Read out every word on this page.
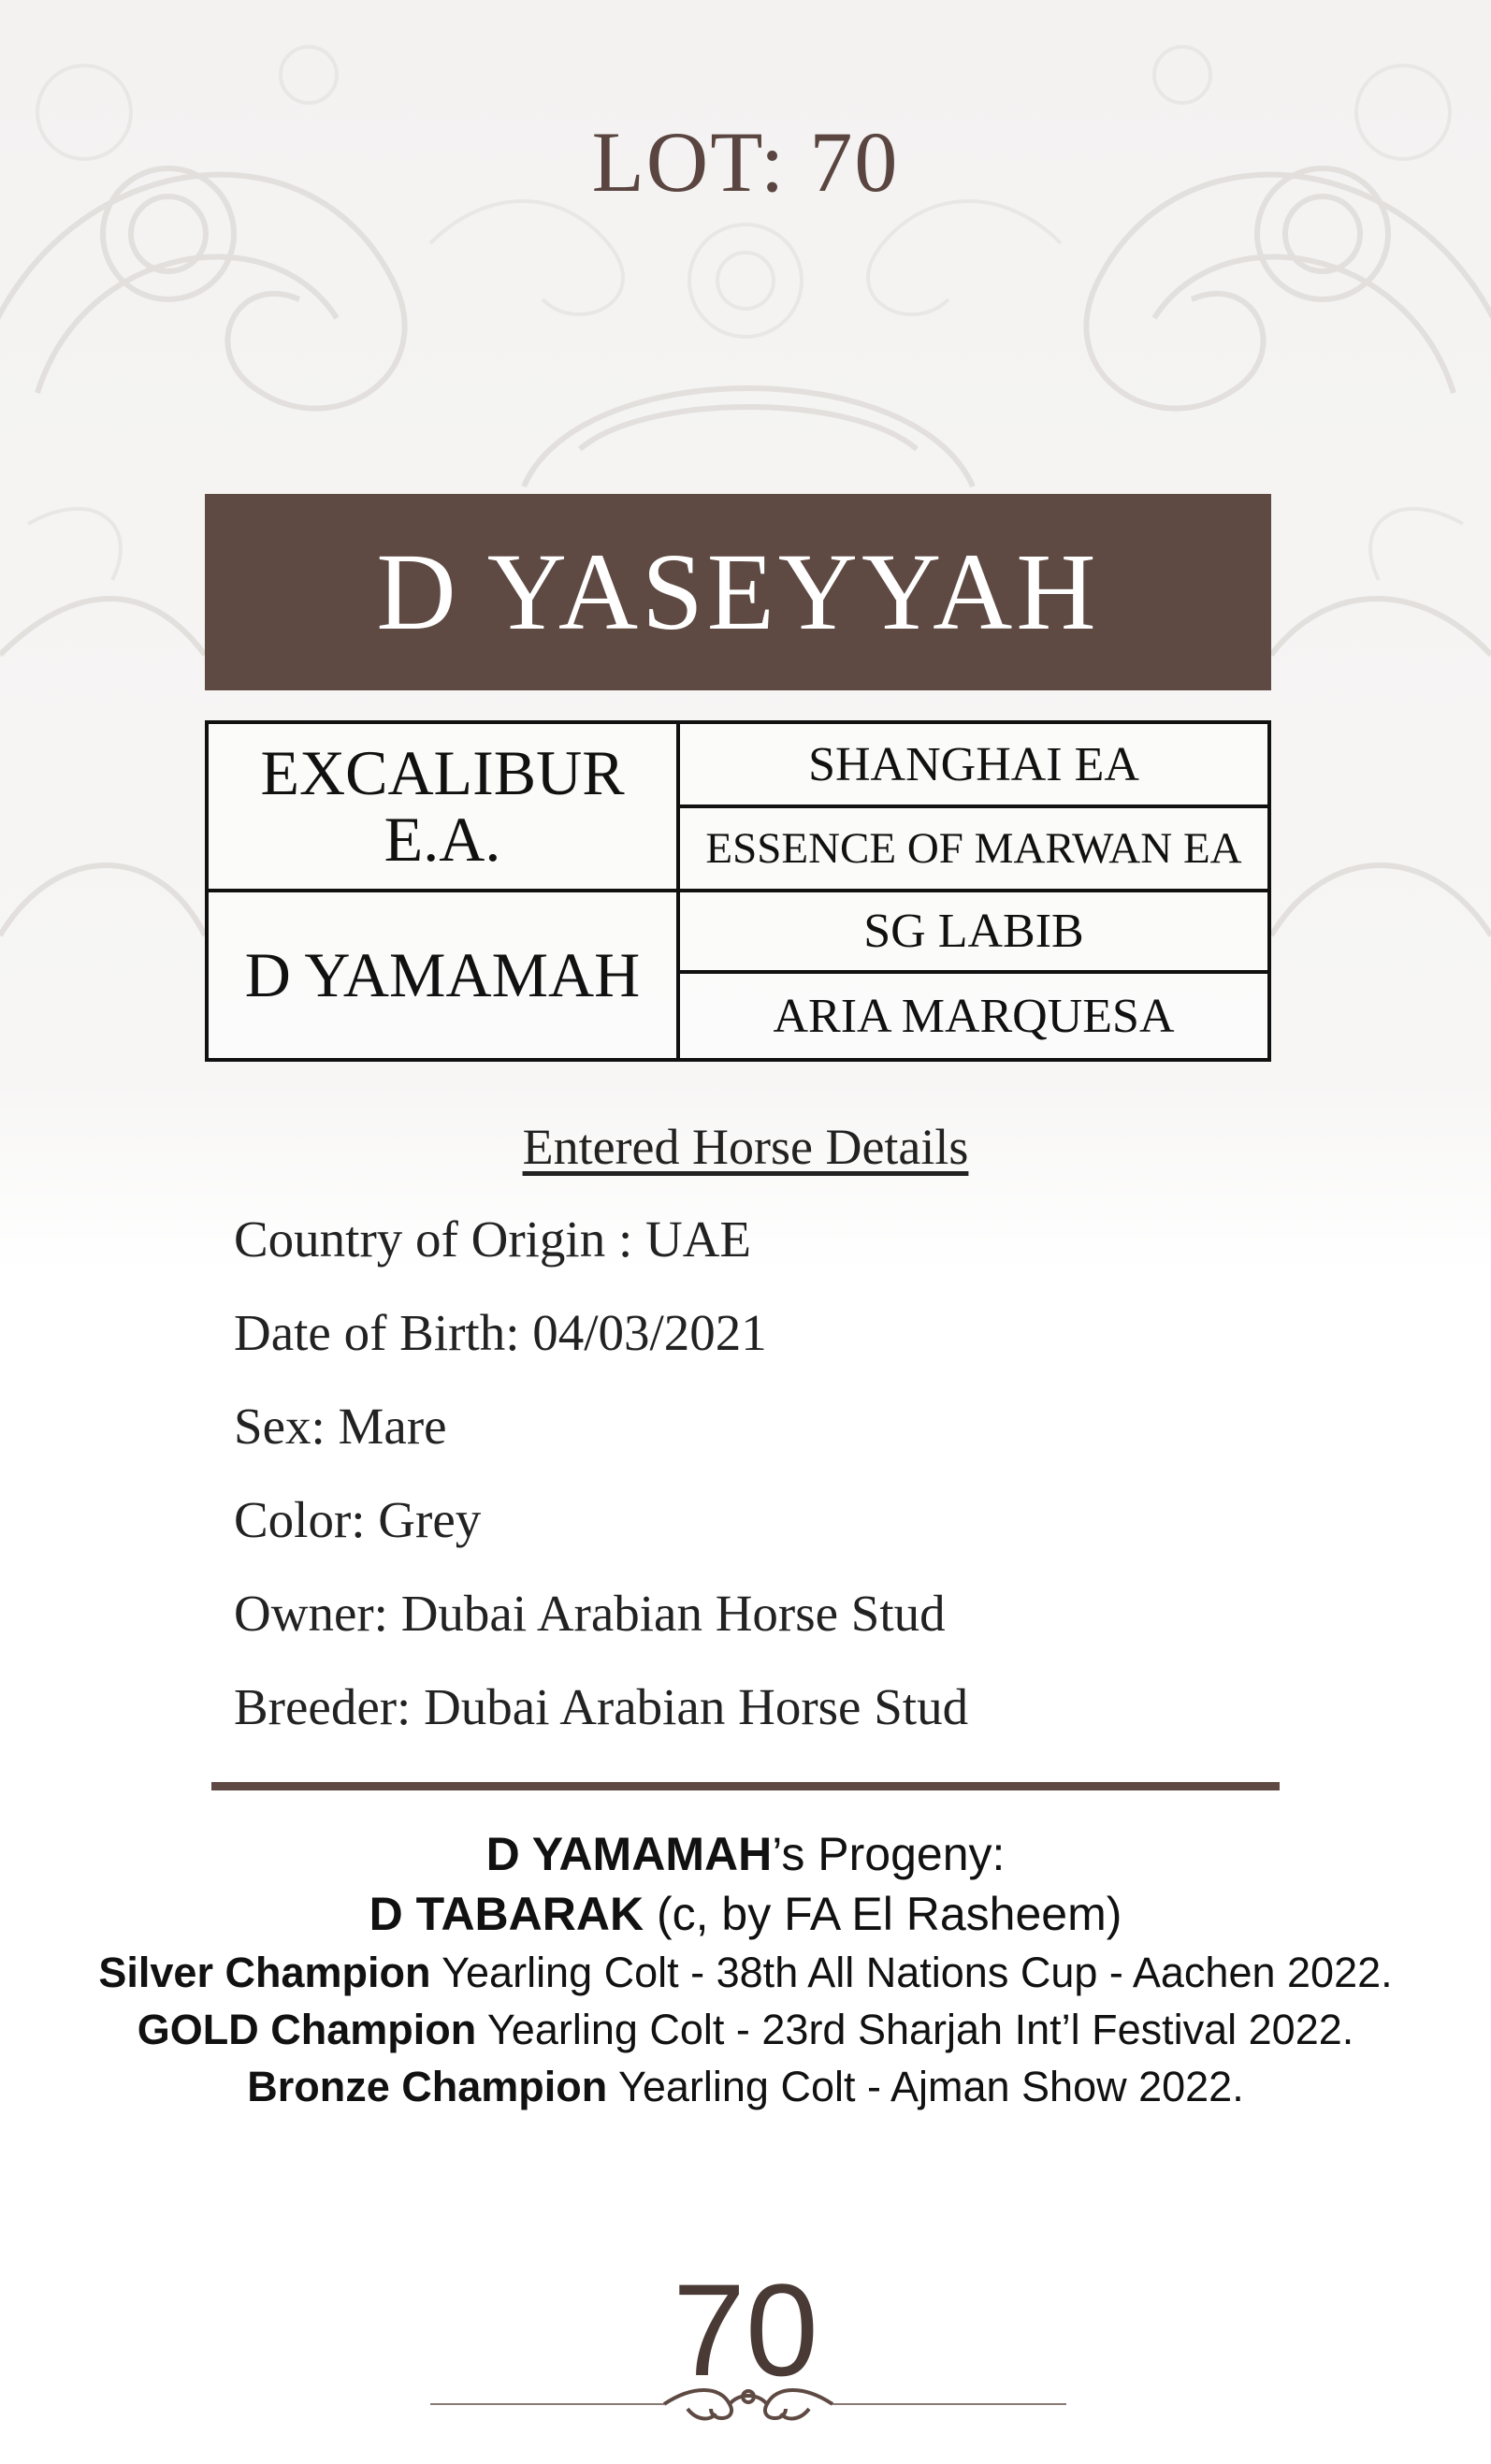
LOT: 70
D YASEYYAH
EXCALIBUR E.A.
D YAMAMAH
SHANGHAI EA
ESSENCE OF MARWAN EA
SG LABIB
ARIA MARQUESA
Entered Horse Details
Country of Origin : UAE
Date of Birth: 04/03/2021
Sex: Mare
Color: Grey
Owner: Dubai Arabian Horse Stud
Breeder: Dubai Arabian Horse Stud
D YAMAMAH’s Progeny:
D TABARAK (c, by FA El Rasheem)
Silver Champion Yearling Colt - 38th All Nations Cup - Aachen 2022.
GOLD Champion Yearling Colt - 23rd Sharjah Int’l Festival 2022.
Bronze Champion Yearling Colt - Ajman Show 2022.
70
